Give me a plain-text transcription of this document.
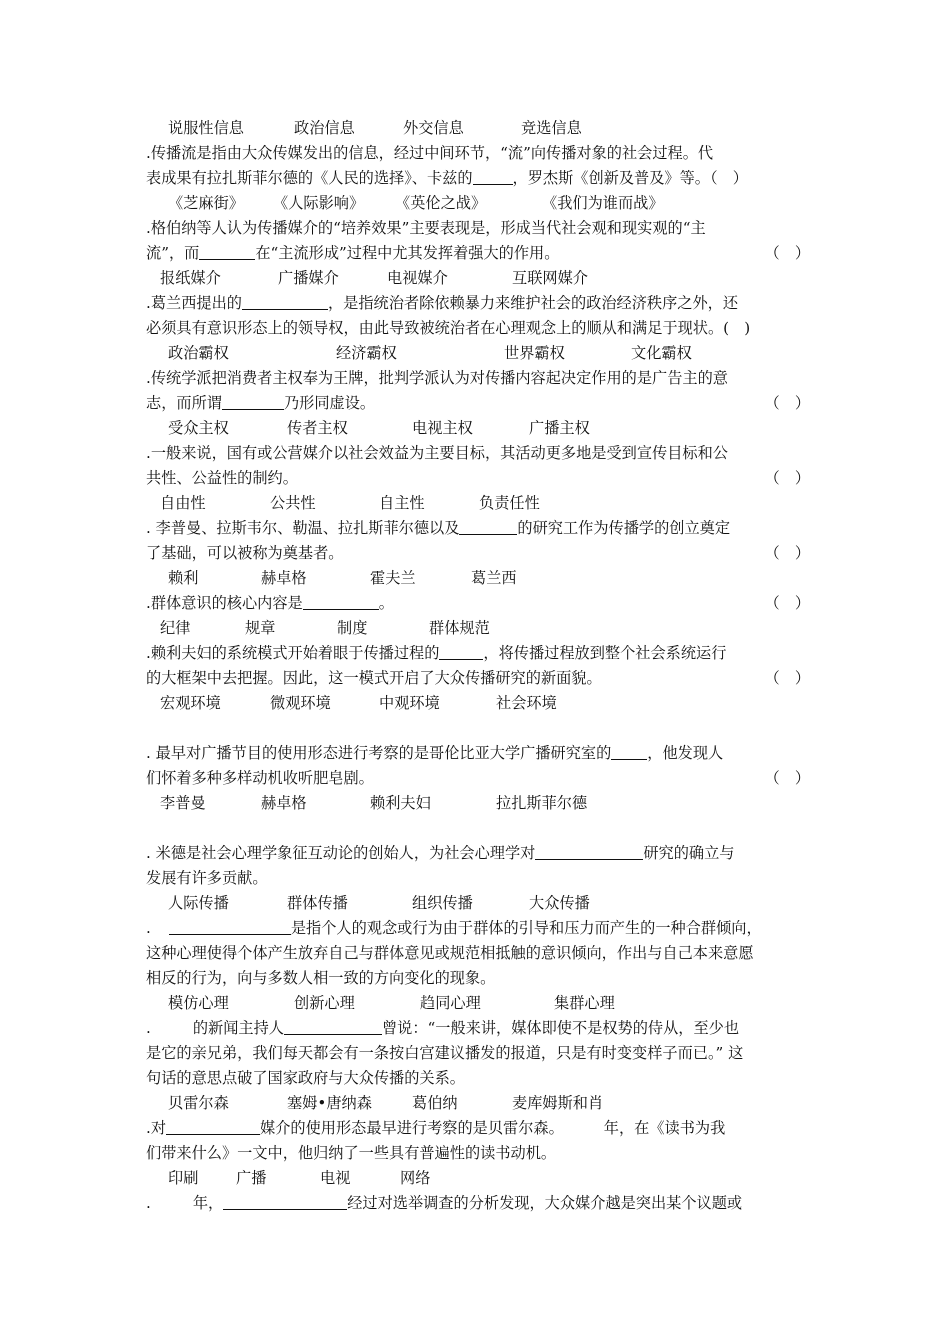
说服性信息	政治信息	外交信息	竞选信息
.传播流是指由大众传媒发出的信息，经过中间环节，“流”向传播对象的社会过程。代
表成果有拉扎斯菲尔德的《人民的选择》、卡兹的	，罗杰斯《创新及普及》等。（　）
《芝麻街》 《人际影响》 《英伦之战》	《我们为谁而战》
.格伯纳等人认为传播媒介的“培养效果”主要表现是，形成当代社会观和现实观的“主
流”，而	在“主流形成”过程中尤其发挥着强大的作用。	（　）
报纸媒介	广播媒介	电视媒介	互联网媒介
.葛兰西提出的	，是指统治者除依赖暴力来维护社会的政治经济秩序之外，还
必须具有意识形态上的领导权，由此导致被统治者在心理观念上的顺从和满足于现状。(　)
政治霸权	经济霸权	世界霸权	文化霸权
.传统学派把消费者主权奉为王牌，批判学派认为对传播内容起决定作用的是广告主的意
志，而所谓	乃形同虚设。	（　）
受众主权	传者主权	电视主权	广播主权
.一般来说，国有或公营媒介以社会效益为主要目标，其活动更多地是受到宣传目标和公
共性、公益性的制约。	（　）
自由性	公共性	自主性	负责任性
. 李普曼、拉斯韦尔、勒温、拉扎斯菲尔德以及	的研究工作为传播学的创立奠定
了基础，可以被称为奠基者。	（　）
赖利	赫卓格	霍夫兰	葛兰西
.群体意识的核心内容是	。	（　）
纪律	规章	制度	群体规范
.赖利夫妇的系统模式开始着眼于传播过程的	，将传播过程放到整个社会系统运行
的大框架中去把握。因此，这一模式开启了大众传播研究的新面貌。	（　）
宏观环境	微观环境	中观环境	社会环境
. 最早对广播节目的使用形态进行考察的是哥伦比亚大学广播研究室的 ，他发现人
们怀着多种多样动机收听肥皂剧。	（　）
李普曼	赫卓格	赖利夫妇	拉扎斯菲尔德
. 米德是社会心理学象征互动论的创始人，为社会心理学对	研究的确立与
发展有许多贡献。
人际传播	群体传播	组织传播	大众传播
.	是指个人的观念或行为由于群体的引导和压力而产生的一种合群倾向，
这种心理使得个体产生放弃自己与群体意见或规范相抵触的意识倾向，作出与自己本来意愿
相反的行为，向与多数人相一致的方向变化的现象。
模仿心理	创新心理	趋同心理	集群心理
.	的新闻主持人	曾说：“一般来讲，媒体即使不是权势的侍从，至少也
是它的亲兄弟，我们每天都会有一条按白宫建议播发的报道，只是有时变变样子而已。” 这
句话的意思点破了国家政府与大众传播的关系。
贝雷尔森	塞姆•唐纳森	葛伯纳	麦库姆斯和肖
.对	媒介的使用形态最早进行考察的是贝雷尔森。	年，在《读书为我
们带来什么》一文中，他归纳了一些具有普遍性的读书动机。
印刷 广播	电视	网络
.	年，	经过对选举调查的分析发现，大众媒介越是突出某个议题或
